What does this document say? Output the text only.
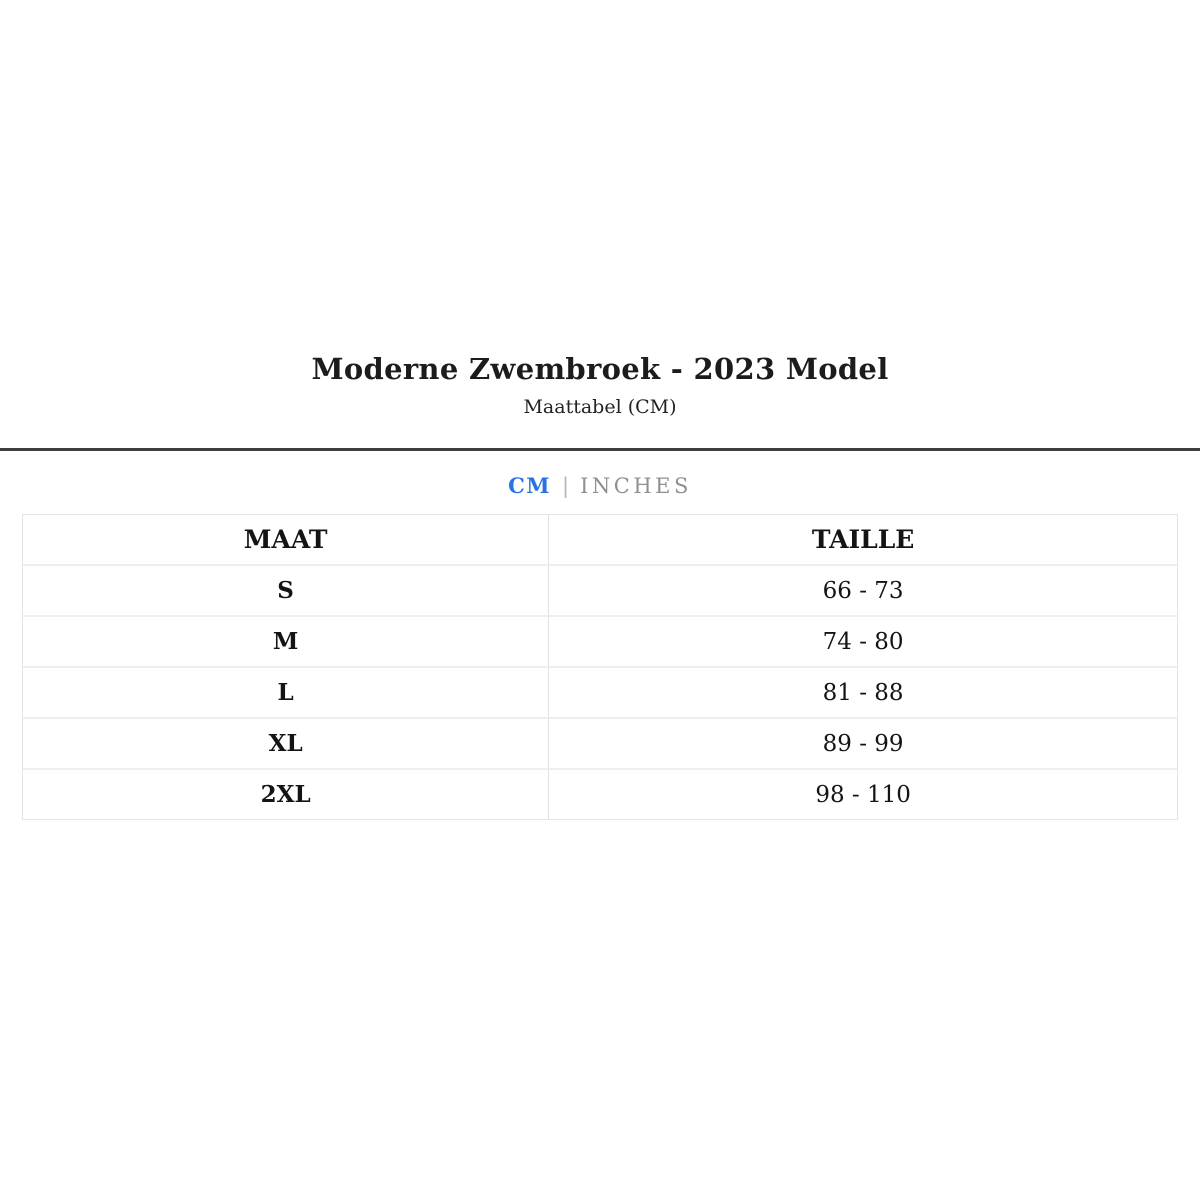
Moderne Zwembroek - 2023 Model
Maattabel (CM)
CM | INCHES
MAAT	TAILLE
S	66 - 73
M	74 - 80
L	81 - 88
XL	89 - 99
2XL	98 - 110
